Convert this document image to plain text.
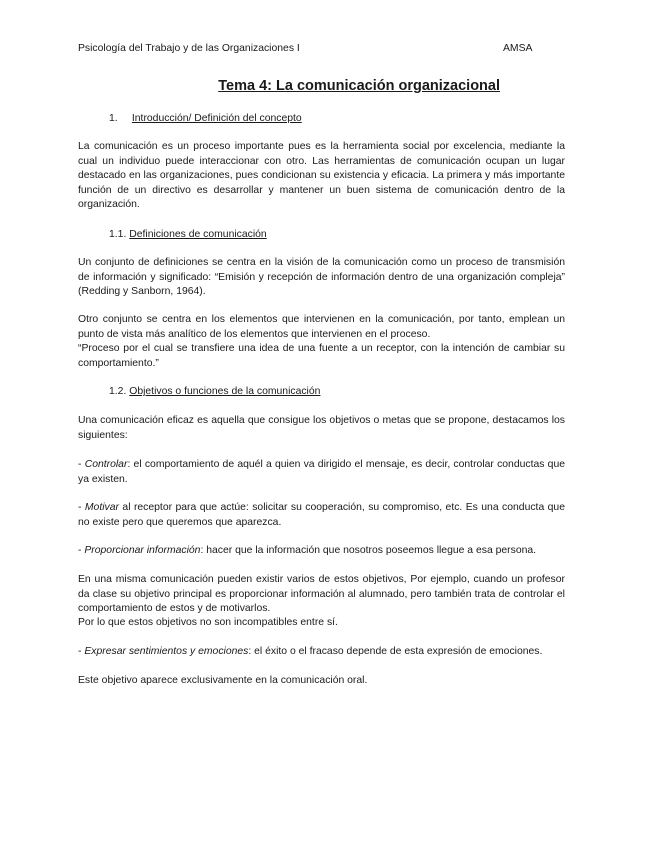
Psicología del Trabajo y de las Organizaciones I	AMSA
Tema 4: La comunicación organizacional
1. Introducción/ Definición del concepto

La comunicación es un proceso importante pues es la herramienta social por excelencia, mediante la cual un individuo puede interaccionar con otro. Las herramientas de comunicación ocupan un lugar destacado en las organizaciones, pues condicionan su existencia y eficacia. La primera y más importante función de un directivo es desarrollar y mantener un buen sistema de comunicación dentro de la organización.

1.1. Definiciones de comunicación

Un conjunto de definiciones se centra en la visión de la comunicación como un proceso de transmisión de información y significado: “Emisión y recepción de información dentro de una organización compleja” (Redding y Sanborn, 1964).

Otro conjunto se centra en los elementos que intervienen en la comunicación, por tanto, emplean un punto de vista más analítico de los elementos que intervienen en el proceso.

“Proceso por el cual se transfiere una idea de una fuente a un receptor, con la intención de cambiar su comportamiento.”

1.2. Objetivos o funciones de la comunicación

Una comunicación eficaz es aquella que consigue los objetivos o metas que se propone, destacamos los siguientes:

- Controlar: el comportamiento de aquél a quien va dirigido el mensaje, es decir, controlar conductas que ya existen.

- Motivar al receptor para que actúe: solicitar su cooperación, su compromiso, etc. Es una conducta que no existe pero que queremos que aparezca.

- Proporcionar información: hacer que la información que nosotros poseemos llegue a esa persona.

En una misma comunicación pueden existir varios de estos objetivos, Por ejemplo, cuando un profesor da clase su objetivo principal es proporcionar información al alumnado, pero también trata de controlar el comportamiento de estos y de motivarlos.

Por lo que estos objetivos no son incompatibles entre sí.

- Expresar sentimientos y emociones: el éxito o el fracaso depende de esta expresión de emociones.

Este objetivo aparece exclusivamente en la comunicación oral.
